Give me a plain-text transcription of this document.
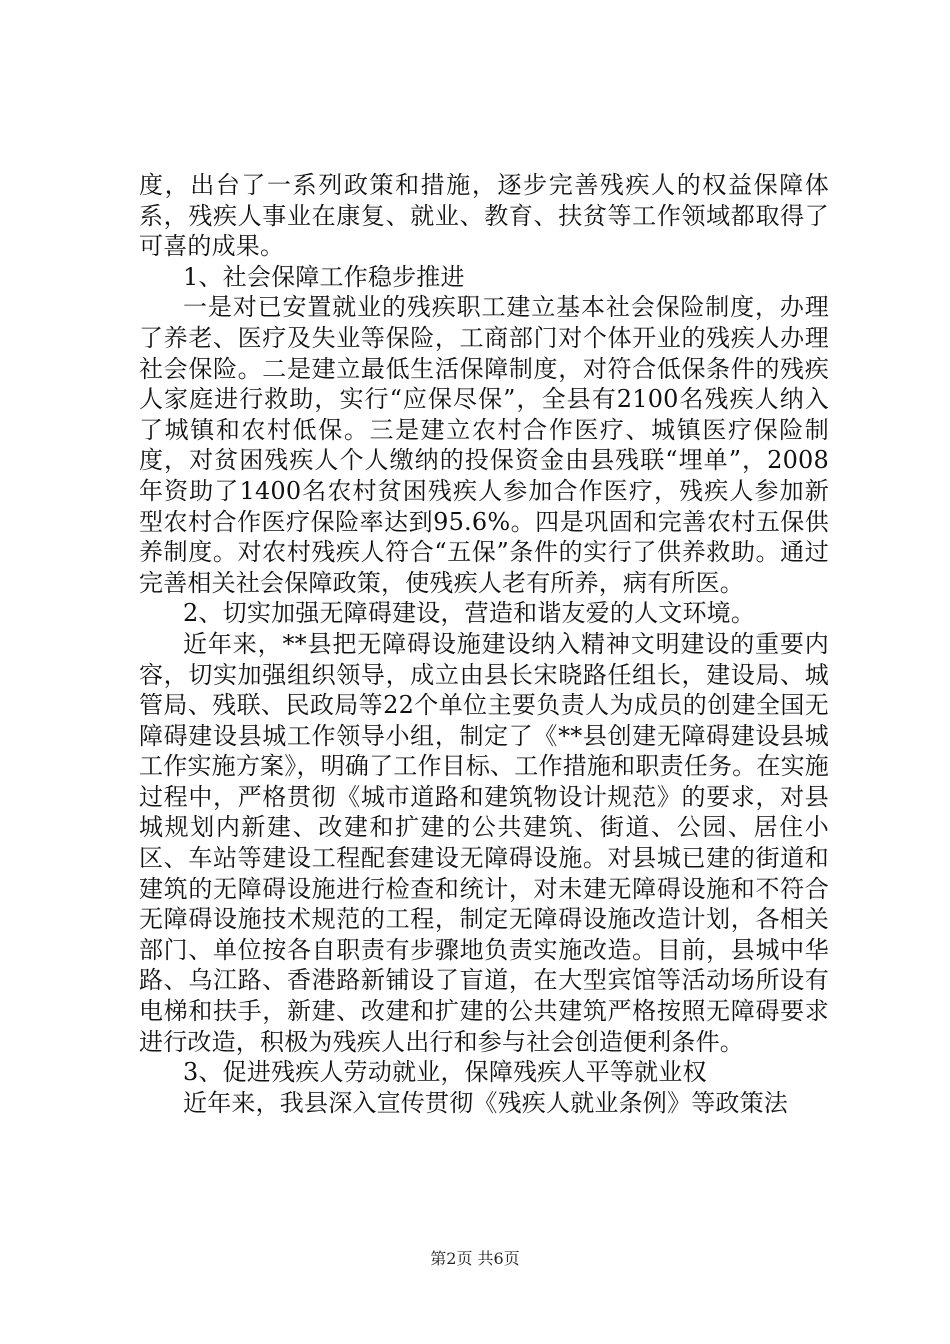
度，出台了一系列政策和措施，逐步完善残疾人的权益保障体系，残疾人事业在康复、就业、教育、扶贫等工作领域都取得了可喜的成果。

1、社会保障工作稳步推进

一是对已安置就业的残疾职工建立基本社会保险制度，办理了养老、医疗及失业等保险，工商部门对个体开业的残疾人办理社会保险。二是建立最低生活保障制度，对符合低保条件的残疾人家庭进行救助，实行“应保尽保”，全县有2100名残疾人纳入了城镇和农村低保。三是建立农村合作医疗、城镇医疗保险制度，对贫困残疾人个人缴纳的投保资金由县残联“埋单”，2008年资助了1400名农村贫困残疾人参加合作医疗，残疾人参加新型农村合作医疗保险率达到95.6%。四是巩固和完善农村五保供养制度。对农村残疾人符合“五保”条件的实行了供养救助。通过完善相关社会保障政策，使残疾人老有所养，病有所医。

2、切实加强无障碍建设，营造和谐友爱的人文环境。

近年来，**县把无障碍设施建设纳入精神文明建设的重要内容，切实加强组织领导，成立由县长宋晓路任组长，建设局、城管局、残联、民政局等22个单位主要负责人为成员的创建全国无障碍建设县城工作领导小组，制定了《**县创建无障碍建设县城工作实施方案》，明确了工作目标、工作措施和职责任务。在实施过程中，严格贯彻《城市道路和建筑物设计规范》的要求，对县城规划内新建、改建和扩建的公共建筑、街道、公园、居住小区、车站等建设工程配套建设无障碍设施。对县城已建的街道和建筑的无障碍设施进行检查和统计，对未建无障碍设施和不符合无障碍设施技术规范的工程，制定无障碍设施改造计划，各相关部门、单位按各自职责有步骤地负责实施改造。目前，县城中华路、乌江路、香港路新铺设了盲道，在大型宾馆等活动场所设有电梯和扶手，新建、改建和扩建的公共建筑严格按照无障碍要求进行改造，积极为残疾人出行和参与社会创造便利条件。

3、促进残疾人劳动就业，保障残疾人平等就业权

近年来，我县深入宣传贯彻《残疾人就业条例》等政策法

第2页 共6页
